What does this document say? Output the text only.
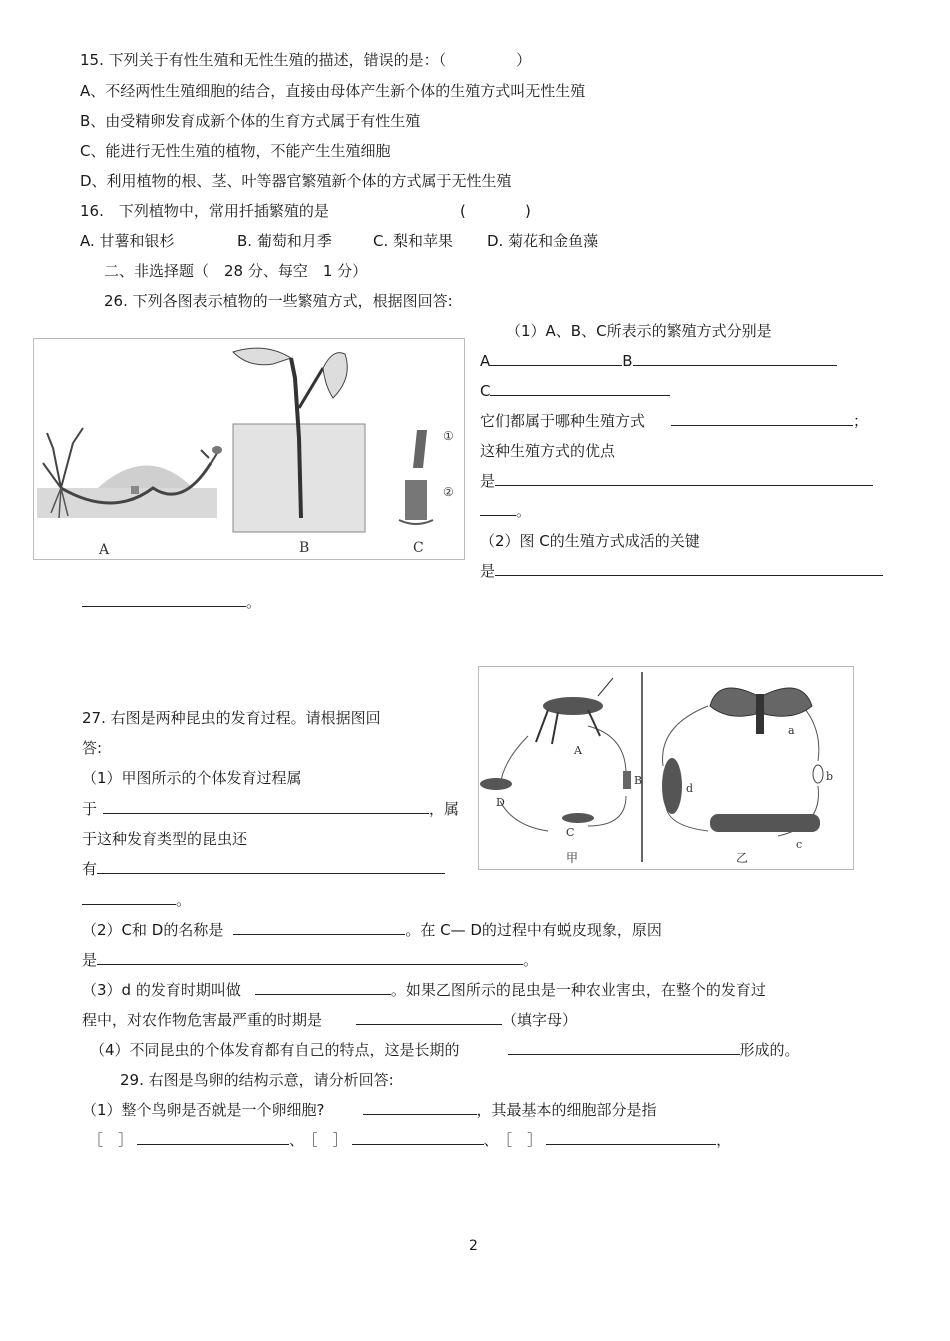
15. 下列关于有性生殖和无性生殖的描述，错误的是：（	）
A、不经两性生殖细胞的结合，直接由母体产生新个体的生殖方式叫无性生殖
B、由受精卵发育成新个体的生育方式属于有性生殖
C、能进行无性生殖的植物，不能产生生殖细胞
D、利用植物的根、茎、叶等器官繁殖新个体的方式属于无性生殖
16.　下列植物中，常用扦插繁殖的是	(	)
A. 甘薯和银杉	B. 葡萄和月季	C. 梨和苹果 D. 菊花和金鱼藻
二、非选择题（　28 分、每空　1 分）
26. 下列各图表示植物的一些繁殖方式，根据图回答:
A	B
①
②
C
（1）A、B、C所表示的繁殖方式分别是
A	B
C
它们都属于哪种生殖方式	；
这种生殖方式的优点
是
。
（2）图 C的生殖方式成活的关键
是
。
27. 右图是两种昆虫的发育过程。请根据图回
答:
（1）甲图所示的个体发育过程属
于	，属
于这种发育类型的昆虫还
有
。
A
B
C
D
甲
a
b
c
d
乙
（2）C和 D的名称是	。在 C— D的过程中有蜕皮现象，原因
是	。
（3）d 的发育时期叫做	。如果乙图所示的昆虫是一种农业害虫，在整个的发育过
程中，对农作物危害最严重的时期是	（填字母）
（4）不同昆虫的个体发育都有自己的特点，这是长期的	形成的。
29. 右图是鸟卵的结构示意，请分析回答:
（1）整个鸟卵是否就是一个卵细胞?	，其最基本的细胞部分是指
［　］	、 ［　］	、 ［　］	，
2
